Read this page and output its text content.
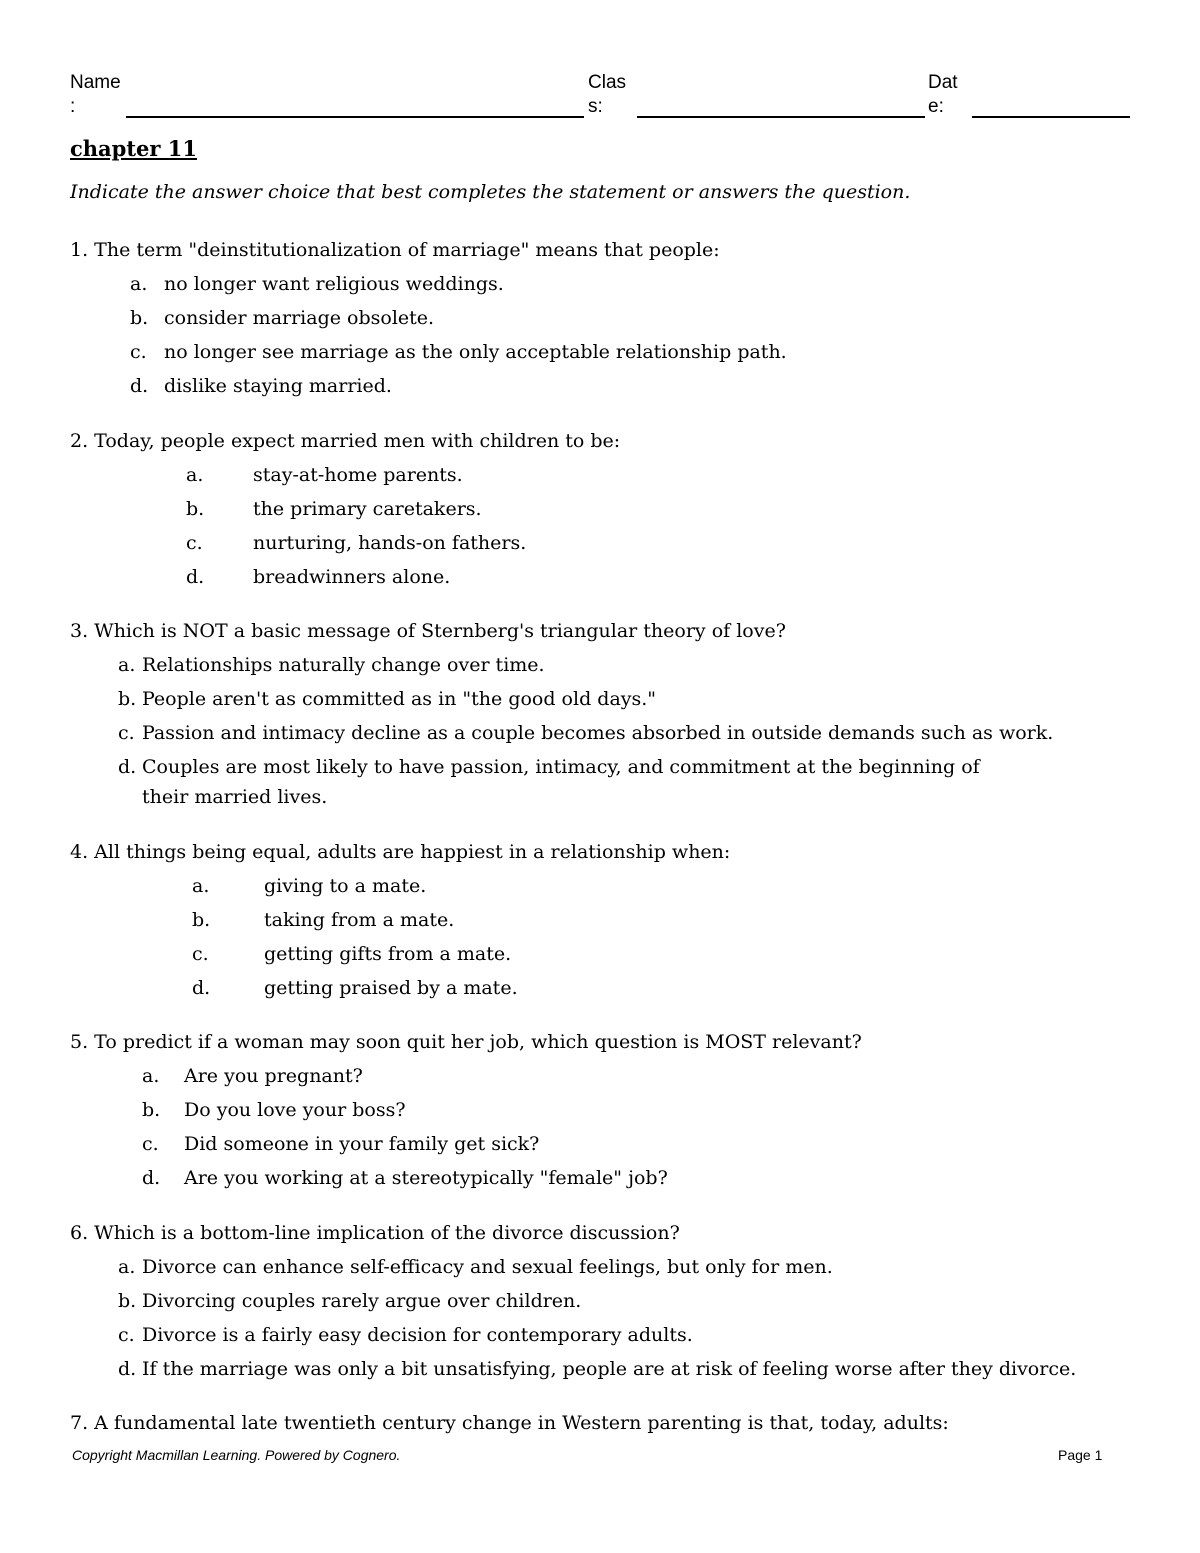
Name
:
Clas
s:
Dat
e:
chapter 11
Indicate the answer choice that best completes the statement or answers the question.
1. The term "deinstitutionalization of marriage" means that people:
a. no longer want religious weddings.
b. consider marriage obsolete.
c. no longer see marriage as the only acceptable relationship path.
d. dislike staying married.
2. Today, people expect married men with children to be:
a.	stay-at-home parents.
b.	the primary caretakers.
c.	nurturing, hands-on fathers.
d.	breadwinners alone.
3. Which is NOT a basic message of Sternberg's triangular theory of love?
a. Relationships naturally change over time.
b. People aren't as committed as in "the good old days."
c. Passion and intimacy decline as a couple becomes absorbed in outside demands such as work.
d. Couples are most likely to have passion, intimacy, and commitment at the beginning of their married lives.
4. All things being equal, adults are happiest in a relationship when:
a.	giving to a mate.
b.	taking from a mate.
c.	getting gifts from a mate.
d.	getting praised by a mate.
5. To predict if a woman may soon quit her job, which question is MOST relevant?
a.	Are you pregnant?
b.	Do you love your boss?
c.	Did someone in your family get sick?
d.	Are you working at a stereotypically "female" job?
6. Which is a bottom-line implication of the divorce discussion?
a. Divorce can enhance self-efficacy and sexual feelings, but only for men.
b. Divorcing couples rarely argue over children.
c. Divorce is a fairly easy decision for contemporary adults.
d. If the marriage was only a bit unsatisfying, people are at risk of feeling worse after they divorce.
7. A fundamental late twentieth century change in Western parenting is that, today, adults:
Copyright Macmillan Learning. Powered by Cognero.	Page 1
